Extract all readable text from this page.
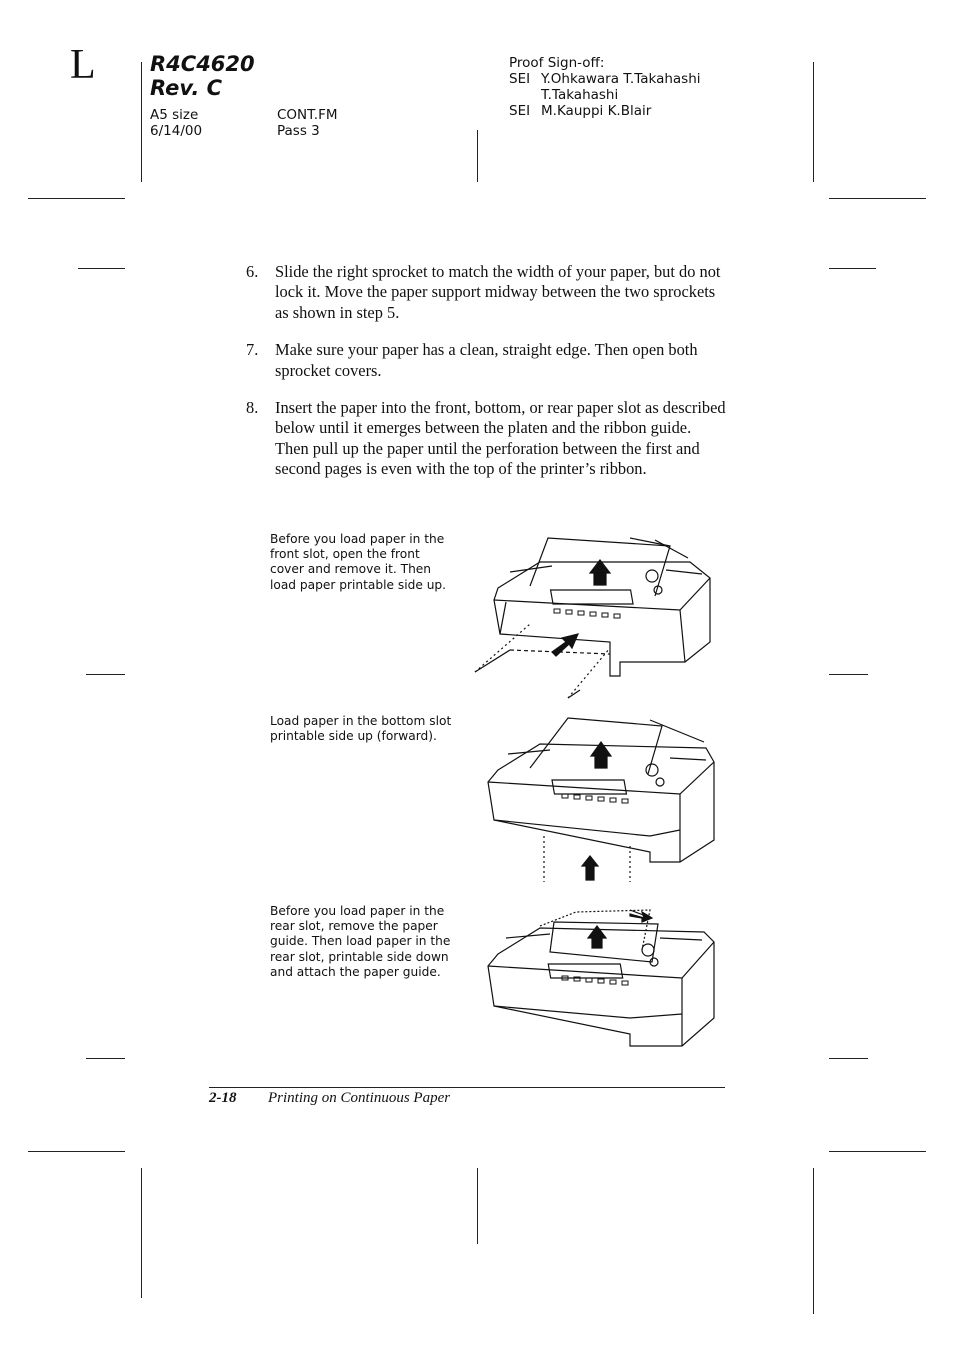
L	R4C4620
Rev. C
A5 size
6/14/00
CONT.FM
Pass 3
Proof Sign-off:
SEI Y.Ohkawara T.Takahashi
T.Takahashi
SEI M.Kauppi K.Blair
6.	Slide the right sprocket to match the width of your paper, but do not lock it. Move the paper support midway between the two sprockets as shown in step 5.
7.	Make sure your paper has a clean, straight edge. Then open both sprocket covers.
8.	Insert the paper into the front, bottom, or rear paper slot as described below until it emerges between the platen and the ribbon guide. Then pull up the paper until the perforation between the first and second pages is even with the top of the printer’s ribbon.
Before you load paper in the front slot, open the front cover and remove it. Then load paper printable side up.
Load paper in the bottom slot printable side up (forward).
Before you load paper in the rear slot, remove the paper guide. Then load paper in the rear slot, printable side down and attach the paper guide.
2-18 Printing on Continuous Paper
